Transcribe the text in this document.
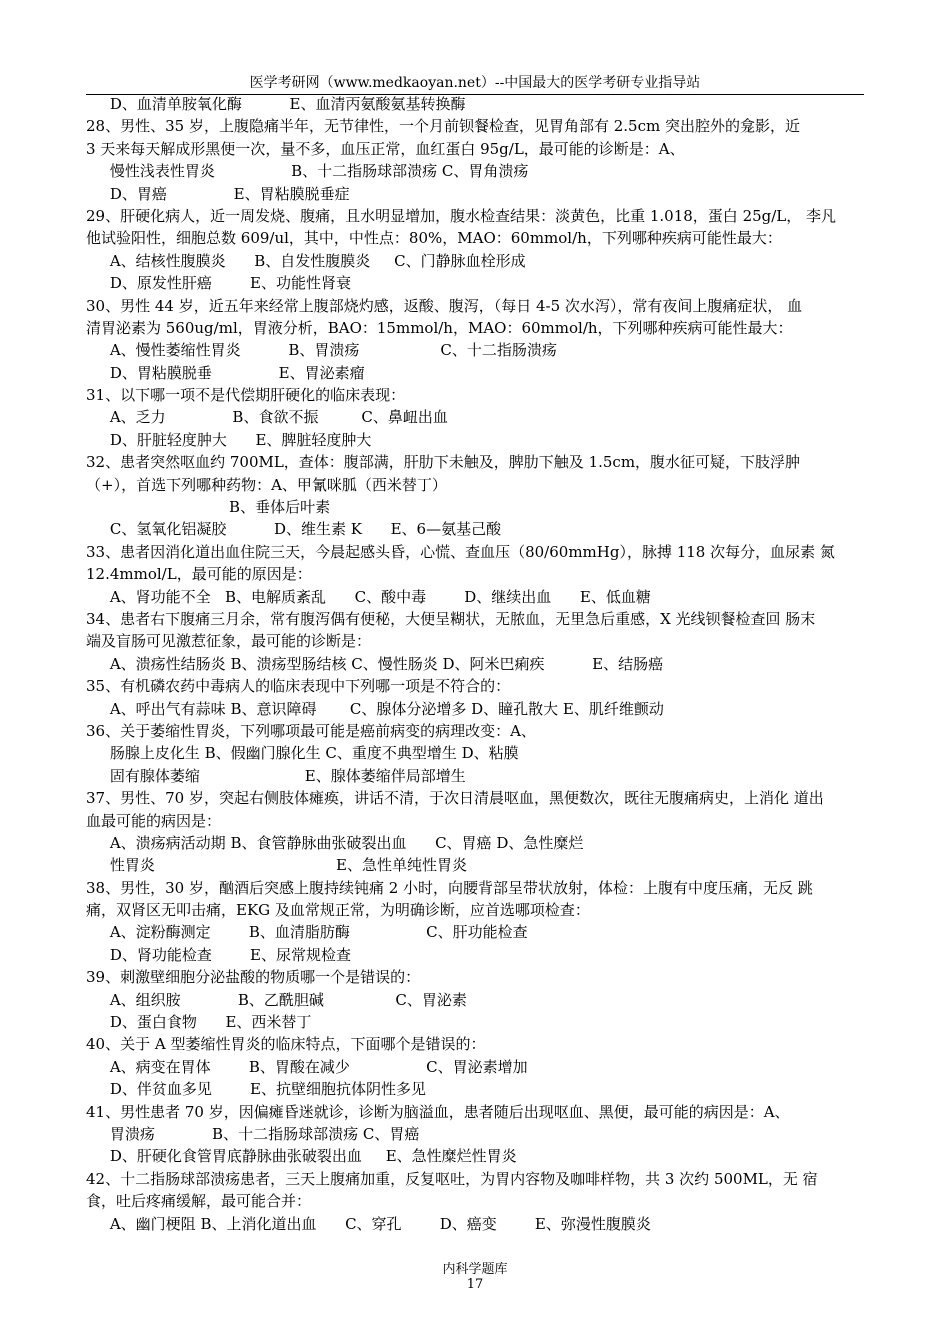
医学考研网（www.medkaoyan.net）--中国最大的医学考研专业指导站
D、血清单胺氧化酶          E、血清丙氨酸氨基转换酶
28、男性、35 岁，上腹隐痛半年，无节律性，一个月前钡餐检查，见胃角部有 2.5cm 突出腔外的龛影，近
3 天来每天解成形黑便一次，量不多，血压正常，血红蛋白 95g/L，最可能的诊断是：A、
慢性浅表性胃炎                B、十二指肠球部溃疡 C、胃角溃疡
D、胃癌              E、胃粘膜脱垂症
29、肝硬化病人，近一周发烧、腹痛，且水明显增加，腹水检查结果：淡黄色，比重 1.018，蛋白 25g/L， 李凡
他试验阳性，细胞总数 609/ul，其中，中性点：80%，MAO：60mmol/h，下列哪种疾病可能性最大：
A、结核性腹膜炎      B、自发性腹膜炎     C、门静脉血栓形成
D、原发性肝癌        E、功能性肾衰
30、男性 44 岁，近五年来经常上腹部烧灼感，返酸、腹泻，（每日 4-5 次水泻），常有夜间上腹痛症状， 血
清胃泌素为 560ug/ml，胃液分析，BAO：15mmol/h，MAO：60mmol/h，下列哪种疾病可能性最大：
A、慢性萎缩性胃炎          B、胃溃疡                 C、十二指肠溃疡
D、胃粘膜脱垂              E、胃泌素瘤
31、以下哪一项不是代偿期肝硬化的临床表现：
A、乏力              B、食欲不振         C、鼻衄出血
D、肝脏轻度肿大      E、脾脏轻度肿大
32、患者突然呕血约 700ML，查体：腹部满，肝肋下未触及，脾肋下触及 1.5cm，腹水征可疑，下肢浮肿
（+），首选下列哪种药物：A、甲氰咪胍（西米替丁）
B、垂体后叶素
C、氢氧化铝凝胶          D、维生素 K      E、6—氨基己酸
33、患者因消化道出血住院三天，今晨起感头昏，心慌、查血压（80/60mmHg），脉搏 118 次每分，血尿素 氮
12.4mmol/L，最可能的原因是：
A、肾功能不全   B、电解质紊乱      C、酸中毒        D、继续出血      E、低血糖
34、患者右下腹痛三月余，常有腹泻偶有便秘，大便呈糊状，无脓血，无里急后重感，X 光线钡餐检查回 肠末
端及盲肠可见激惹征象，最可能的诊断是：
A、溃疡性结肠炎 B、溃疡型肠结核 C、慢性肠炎 D、阿米巴痢疾          E、结肠癌
35、有机磷农药中毒病人的临床表现中下列哪一项是不符合的：
A、呼出气有蒜味 B、意识障碍       C、腺体分泌增多 D、瞳孔散大 E、肌纤维颤动
36、关于萎缩性胃炎，下列哪项最可能是癌前病变的病理改变：A、
肠腺上皮化生 B、假幽门腺化生 C、重度不典型增生 D、粘膜
固有腺体萎缩                      E、腺体萎缩伴局部增生
37、男性、70 岁，突起右侧肢体瘫痪，讲话不清，于次日清晨呕血，黑便数次，既往无腹痛病史，上消化 道出
血最可能的病因是：
A、溃疡病活动期 B、食管静脉曲张破裂出血      C、胃癌 D、急性糜烂
性胃炎                                      E、急性单纯性胃炎
38、男性，30 岁，酗酒后突感上腹持续钝痛 2 小时，向腰背部呈带状放射，体检：上腹有中度压痛，无反 跳
痛，双肾区无叩击痛，EKG 及血常规正常，为明确诊断，应首选哪项检查：
A、淀粉酶测定        B、血清脂肪酶                C、肝功能检查
D、肾功能检查        E、尿常规检查
39、刺激壁细胞分泌盐酸的物质哪一个是错误的：
A、组织胺            B、乙酰胆碱               C、胃泌素
D、蛋白食物      E、西米替丁
40、关于 A 型萎缩性胃炎的临床特点，下面哪个是错误的：
A、病变在胃体        B、胃酸在减少                C、胃泌素增加
D、伴贫血多见        E、抗壁细胞抗体阴性多见
41、男性患者 70 岁，因偏瘫昏迷就诊，诊断为脑溢血，患者随后出现呕血、黑便，最可能的病因是：A、
胃溃疡            B、十二指肠球部溃疡 C、胃癌
D、肝硬化食管胃底静脉曲张破裂出血     E、急性糜烂性胃炎
42、十二指肠球部溃疡患者，三天上腹痛加重，反复呕吐，为胃内容物及咖啡样物，共 3 次约 500ML，无 宿
食，吐后疼痛缓解，最可能合并：
A、幽门梗阻 B、上消化道出血      C、穿孔        D、癌变        E、弥漫性腹膜炎
内科学题库
17
